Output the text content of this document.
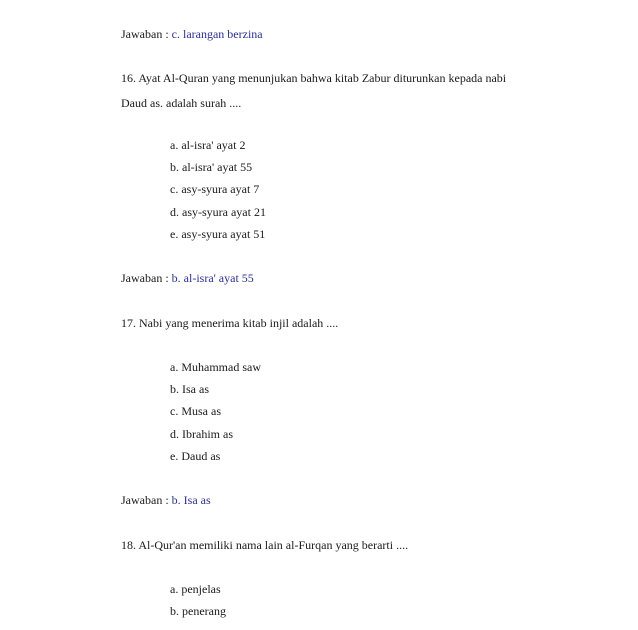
Jawaban : c. larangan berzina
16. Ayat Al-Quran yang menunjukan bahwa kitab Zabur diturunkan kepada nabi
Daud as. adalah surah ....
a. al-isra' ayat 2
b. al-isra' ayat 55
c. asy-syura ayat 7
d. asy-syura ayat 21
e. asy-syura ayat 51
Jawaban : b. al-isra' ayat 55
17. Nabi yang menerima kitab injil adalah ....
a. Muhammad saw
b. Isa as
c. Musa as
d. Ibrahim as
e. Daud as
Jawaban : b. Isa as
18. Al-Qur'an memiliki nama lain al-Furqan yang berarti ....
a. penjelas
b. penerang
